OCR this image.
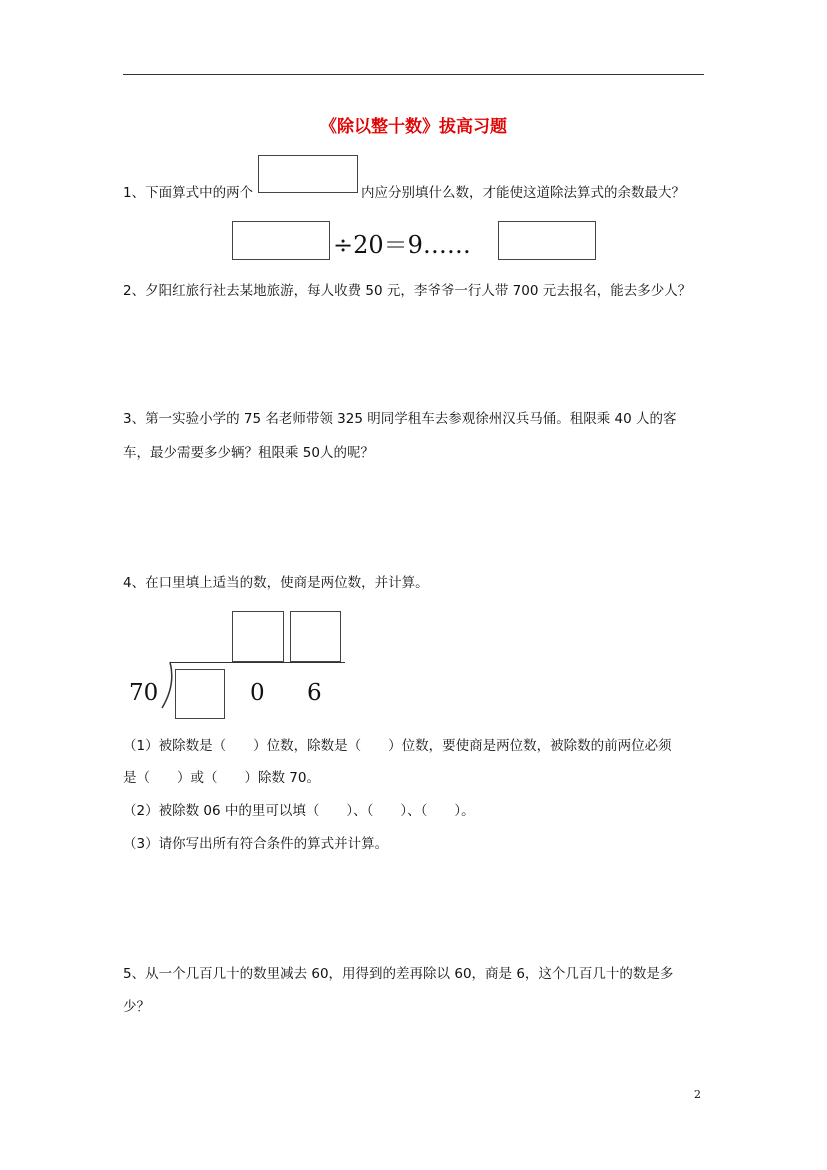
《除以整十数》拔高习题
1、下面算式中的两个	内应分别填什么数，才能使这道除法算式的余数最大？
÷20＝9……
2、夕阳红旅行社去某地旅游，每人收费 50 元，李爷爷一行人带 700 元去报名，能去多少人？
3、第一实验小学的 75 名老师带领 325 明同学租车去参观徐州汉兵马俑。租限乘 40 人的客
车，最少需要多少辆？租限乘 50人的呢？
4、在口里填上适当的数，使商是两位数，并计算。
70	0 6
（1）被除数是（　　）位数，除数是（　　）位数，要使商是两位数，被除数的前两位必须
是（　　）或（　　）除数 70。
（2）被除数 06 中的里可以填（　　）、（　　）、（　　）。
（3）请你写出所有符合条件的算式并计算。
5、从一个几百几十的数里减去 60，用得到的差再除以 60，商是 6，这个几百几十的数是多
少？
2
